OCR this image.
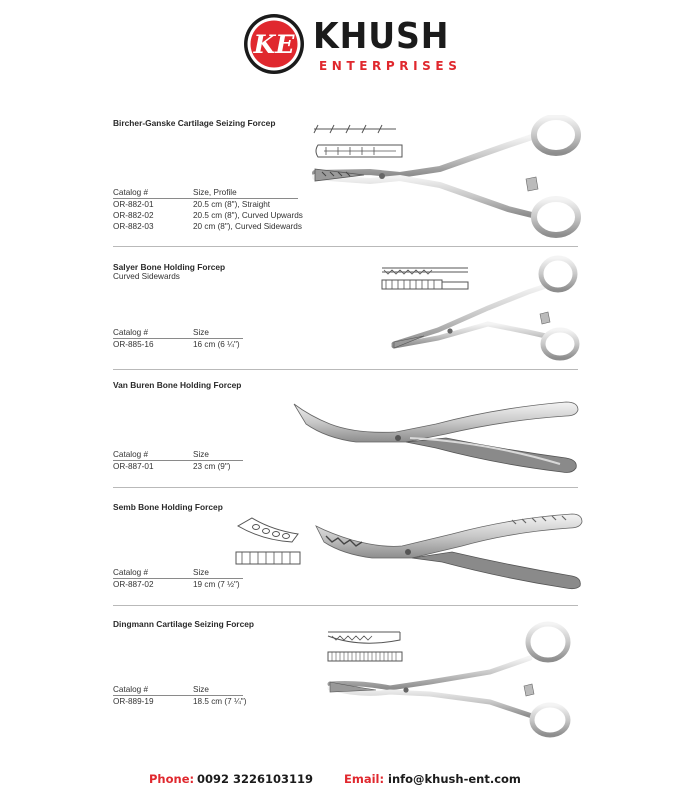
KE KHUSH
ENTERPRISES
Bircher-Ganske Cartilage Seizing Forcep
Catalog #	Size, Profile
OR-882-01	20.5 cm (8"), Straight
OR-882-02	20.5 cm (8"), Curved Upwards
OR-882-03	20 cm (8"), Curved Sidewards
Salyer Bone Holding Forcep
Curved Sidewards
Catalog #	Size
OR-885-16	16 cm (6 ¼")
Van Buren Bone Holding Forcep
Catalog #	Size
OR-887-01	23 cm (9")
Semb Bone Holding Forcep
Catalog #	Size
OR-887-02	19 cm (7 ½")
Dingmann Cartilage Seizing Forcep
Catalog #	Size
OR-889-19	18.5 cm (7 ¼")
Phone: 0092 3226103119	Email: info@khush-ent.com
